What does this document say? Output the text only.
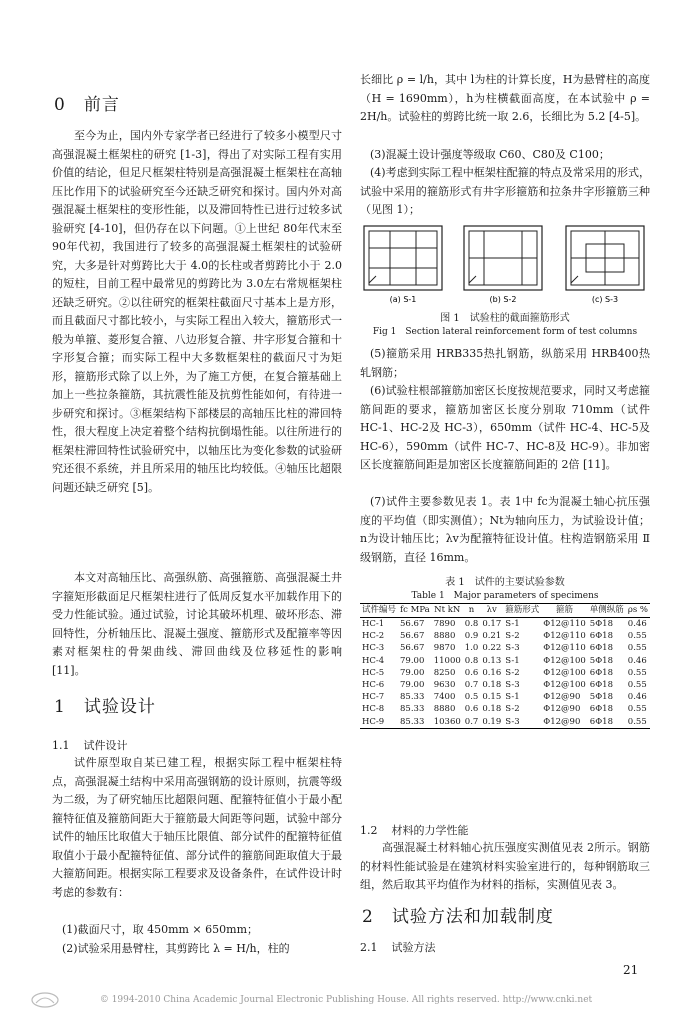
0 前言

至今为止，国内外专家学者已经进行了较多小模型尺寸高强混凝土框架柱的研究 [1-3]，得出了对实际工程有实用价值的结论，但足尺框架柱特别是高强混凝土框架柱在高轴压比作用下的试验研究至今还缺乏研究和探讨。国内外对高强混凝土框架柱的变形性能，以及滞回特性已进行过较多试验研究 [4-10]，但仍存在以下问题。①上世纪 80年代末至 90年代初，我国进行了较多的高强混凝土框架柱的试验研究，大多是针对剪跨比大于 4.0的长柱或者剪跨比小于 2.0的短柱，目前工程中最常见的剪跨比为 3.0左右常规框架柱还缺乏研究。②以往研究的框架柱截面尺寸基本上是方形，而且截面尺寸都比较小，与实际工程出入较大，箍筋形式一般为单箍、菱形复合箍、八边形复合箍、井字形复合箍和十字形复合箍；而实际工程中大多数框架柱的截面尺寸为矩形，箍筋形式除了以上外，为了施工方便，在复合箍基础上加上一些拉条箍筋，其抗震性能及抗剪性能如何，有待进一步研究和探讨。③框架结构下部楼层的高轴压比柱的滞回特性，很大程度上决定着整个结构抗倒塌性能。以往所进行的框架柱滞回特性试验研究中，以轴压比为变化参数的试验研究还很不系统，并且所采用的轴压比均较低。④轴压比超限问题还缺乏研究 [5]。

本文对高轴压比、高强纵筋、高强箍筋、高强混凝土井字箍矩形截面足尺框架柱进行了低周反复水平加载作用下的受力性能试验。通过试验，讨论其破坏机理、破坏形态、滞回特性，分析轴压比、混凝土强度、箍筋形式及配箍率等因素对框架柱的骨架曲线、滞回曲线及位移延性的影响 [11]。

1 试验设计
1.1 试件设计

试件原型取自某已建工程，根据实际工程中框架柱特点，高强混凝土结构中采用高强钢筋的设计原则，抗震等级为二级，为了研究轴压比超限问题、配箍特征值小于最小配箍特征值及箍筋间距大于箍筋最大间距等问题，试验中部分试件的轴压比取值大于轴压比限值、部分试件的配箍特征值取值小于最小配箍特征值、部分试件的箍筋间距取值大于最大箍筋间距。根据实际工程要求及设备条件，在试件设计时考虑的参数有：

(1)截面尺寸，取 450mm × 650mm；

(2)试验采用悬臂柱，其剪跨比 λ = H/h，柱的

长细比 ρ = l/h，其中 l为柱的计算长度，H为悬臂柱的高度（H = 1690mm），h为柱横截面高度，在本试验中 ρ = 2H/h。试验柱的剪跨比统一取 2.6，长细比为 5.2 [4-5]。

(3)混凝土设计强度等级取 C60、C80及 C100；

(4)考虑到实际工程中框架柱配箍的特点及常采用的形式，试验中采用的箍筋形式有井字形箍筋和拉条井字形箍筋三种（见图 1）；

(a) S-1	(b) S-2	(c) S-3
图 1　试验柱的截面箍筋形式
Fig 1　Section lateral reinforcement form of test columns

(5)箍筋采用 HRB335热扎钢筋，纵筋采用 HRB400热轧钢筋；

(6)试验柱根部箍筋加密区长度按规范要求，同时又考虑箍筋间距的要求，箍筋加密区长度分别取 710mm（试件 HC-1、HC-2及 HC-3），650mm（试件 HC-4、HC-5及 HC-6），590mm（试件 HC-7、HC-8及 HC-9）。非加密区长度箍筋间距是加密区长度箍筋间距的 2倍 [11]。

(7)试件主要参数见表 1。表 1中 fc为混凝土轴心抗压强度的平均值（即实测值）；Nt为轴向压力，为试验设计值；n为设计轴压比；λv为配箍特征设计值。柱构造钢筋采用 Ⅱ级钢筋，直径 16mm。

表 1　试件的主要试验参数
Table 1　Major parameters of specimens
试件编号	fc MPa	Nt kN	n	λv	箍筋形式	箍筋	单侧纵筋	ρs %
HC-1	56.67	7890	0.8	0.17	S-1	Φ12@110	5Φ18	0.46
HC-2	56.67	8880	0.9	0.21	S-2	Φ12@110	6Φ18	0.55
HC-3	56.67	9870	1.0	0.22	S-3	Φ12@110	6Φ18	0.55
HC-4	79.00	11000	0.8	0.13	S-1	Φ12@100	5Φ18	0.46
HC-5	79.00	8250	0.6	0.16	S-2	Φ12@100	6Φ18	0.55
HC-6	79.00	9630	0.7	0.18	S-3	Φ12@100	6Φ18	0.55
HC-7	85.33	7400	0.5	0.15	S-1	Φ12@90	5Φ18	0.46
HC-8	85.33	8880	0.6	0.18	S-2	Φ12@90	6Φ18	0.55
HC-9	85.33	10360	0.7	0.19	S-3	Φ12@90	6Φ18	0.55
1.2 材料的力学性能

高强混凝土材料轴心抗压强度实测值见表 2所示。钢筋的材料性能试验是在建筑材料实验室进行的，每种钢筋取三组，然后取其平均值作为材料的指标，实测值见表 3。

2 试验方法和加载制度
2.1 试验方法
21
© 1994-2010 China Academic Journal Electronic Publishing House. All rights reserved. http://www.cnki.net
